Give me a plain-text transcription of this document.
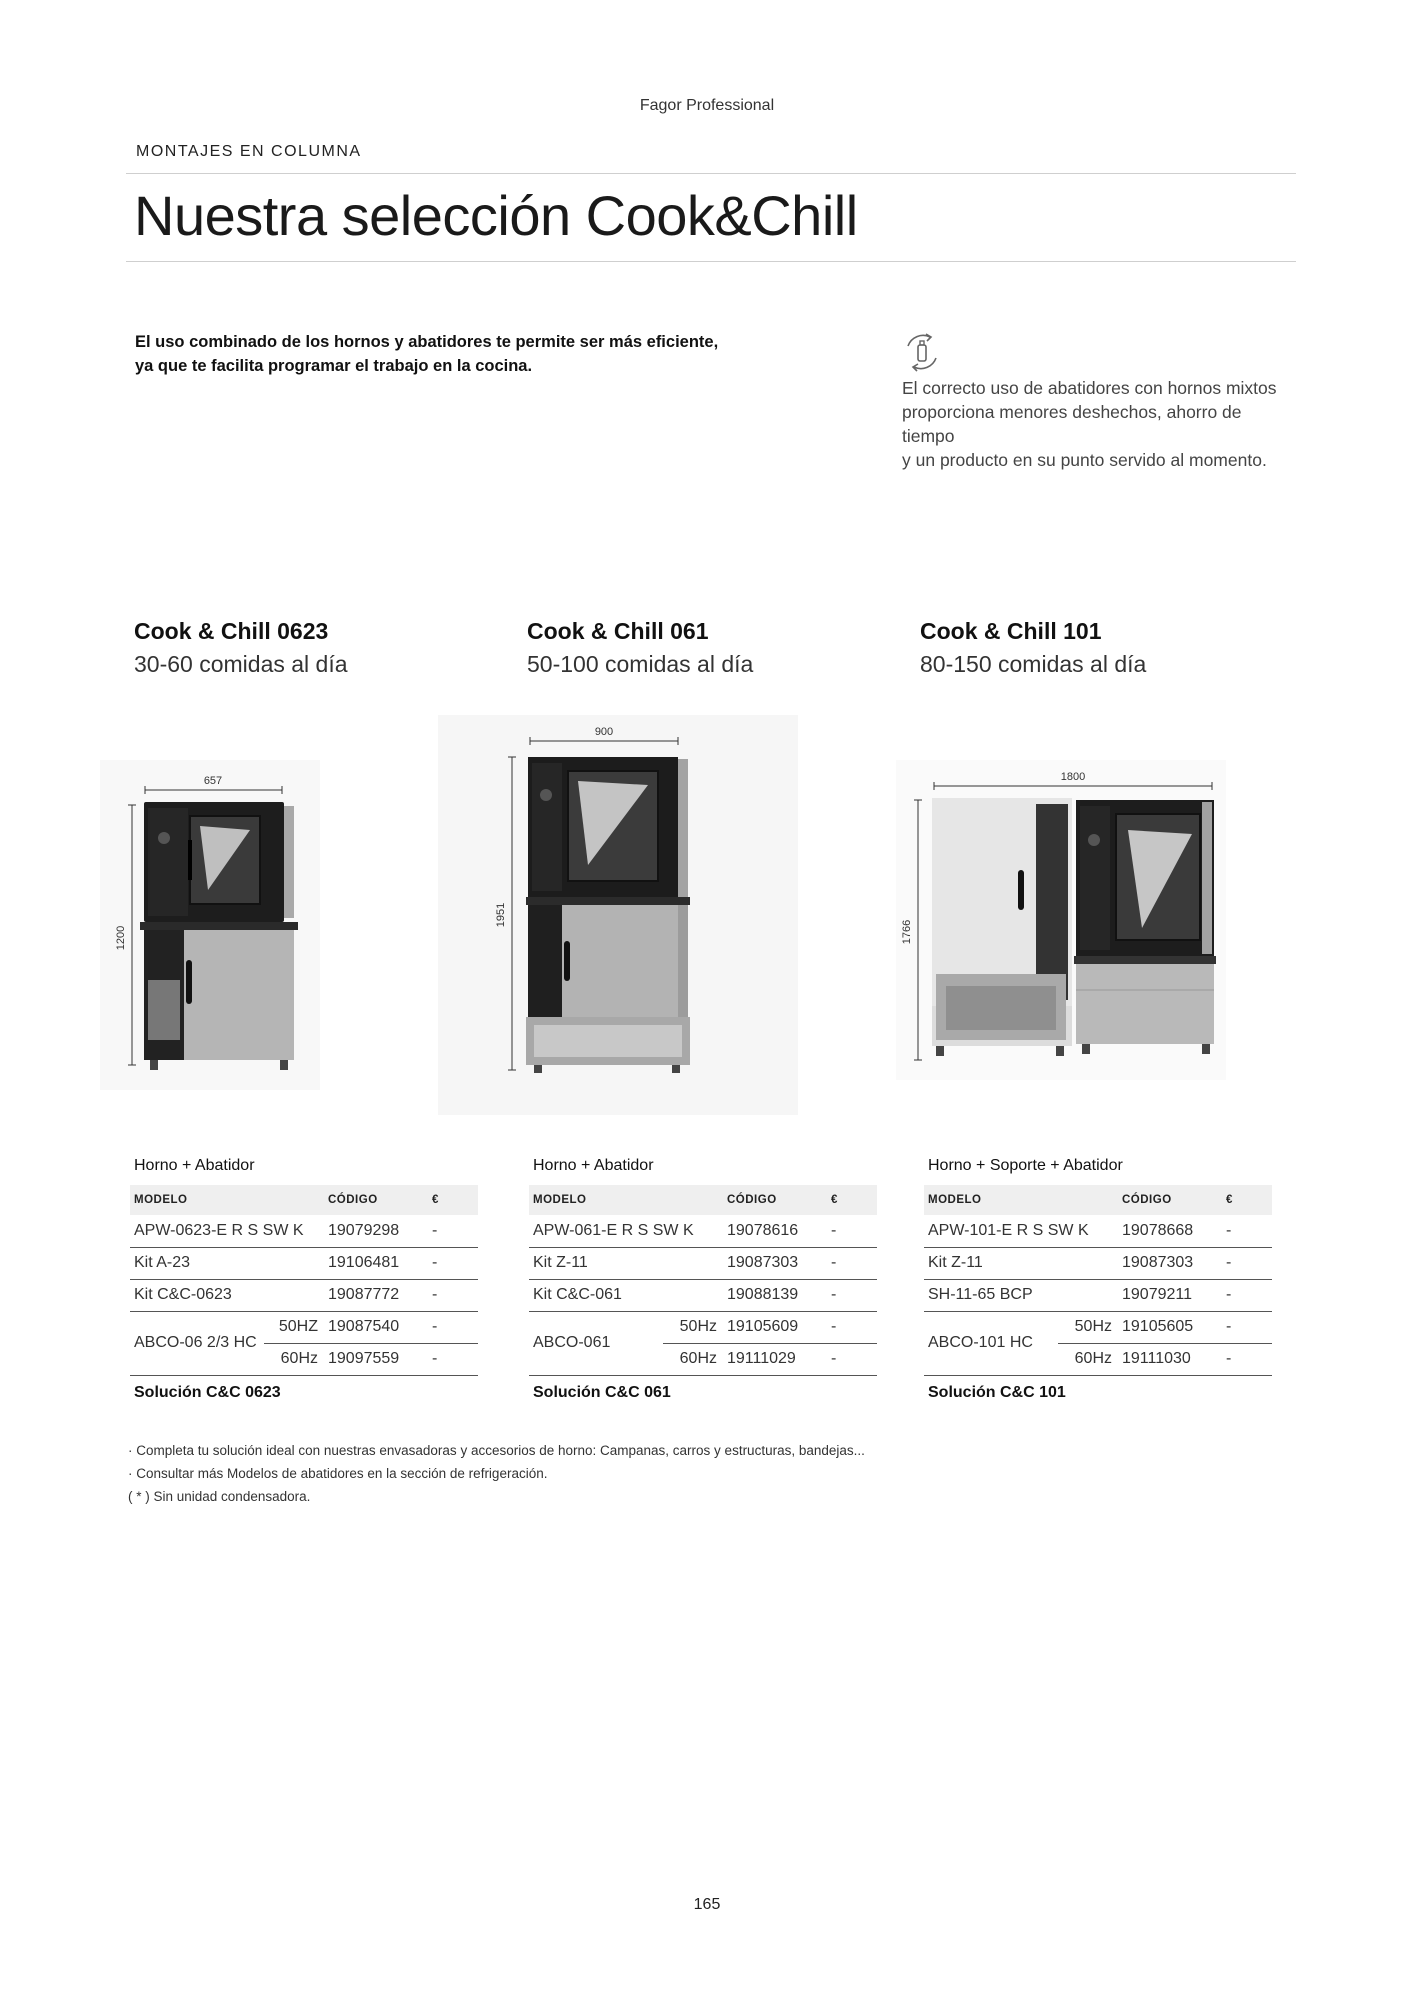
Fagor Professional
MONTAJES EN COLUMNA
Nuestra selección Cook&Chill
El uso combinado de los hornos y abatidores te permite ser más eficiente,
ya que te facilita programar el trabajo en la cocina.
El correcto uso de abatidores con hornos mixtos
proporciona menores deshechos, ahorro de tiempo
y un producto en su punto servido al momento.
Cook & Chill 0623
30-60 comidas al día
Cook & Chill 061
50-100 comidas al día
Cook & Chill 101
80-150 comidas al día
657
1200
900
1951
1800
1766
Horno + Abatidor
MODELO		CÓDIGO	€
APW-0623-E R S SW K		19079298	-
Kit A-23		19106481	-
Kit C&C-0623		19087772	-
ABCO-06 2/3 HC	50HZ	19087540	-
	60Hz	19097559	-
Solución C&C 0623
Horno + Abatidor
MODELO		CÓDIGO	€
APW-061-E R S SW K		19078616	-
Kit Z-11		19087303	-
Kit C&C-061		19088139	-
ABCO-061	50Hz	19105609	-
	60Hz	19111029	-
Solución C&C 061
Horno + Soporte + Abatidor
MODELO		CÓDIGO	€
APW-101-E R S SW K		19078668	-
Kit Z-11		19087303	-
SH-11-65 BCP		19079211	-
ABCO-101 HC	50Hz	19105605	-
	60Hz	19111030	-
Solución C&C 101
· Completa tu solución ideal con nuestras envasadoras y accesorios de horno: Campanas, carros y estructuras, bandejas...
· Consultar más Modelos de abatidores en la sección de refrigeración.
( * ) Sin unidad condensadora.
165
